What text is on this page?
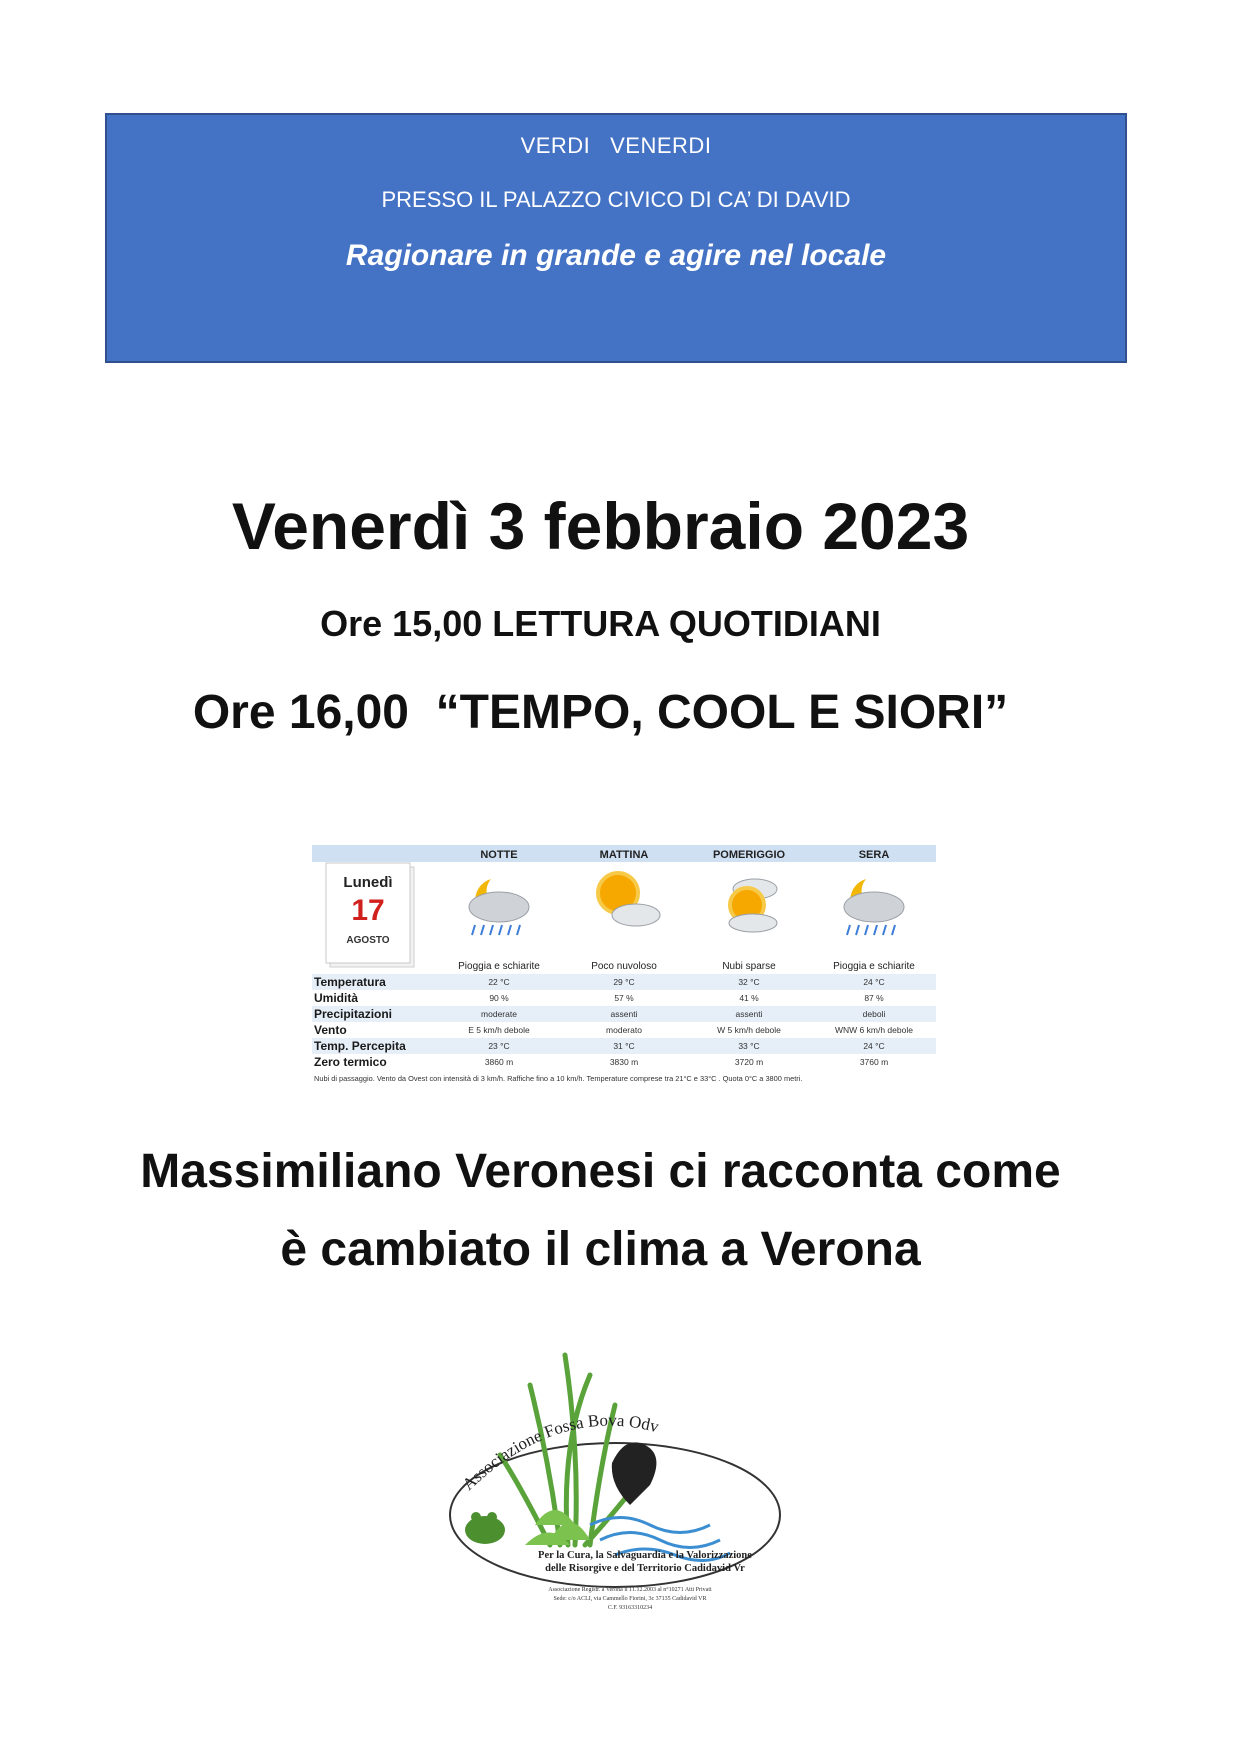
VERDI   VENERDI
PRESSO IL PALAZZO CIVICO DI CA’ DI DAVID
Ragionare in grande e agire nel locale
Venerdì 3 febbraio 2023
Ore 15,00 LETTURA QUOTIDIANI
Ore 16,00  “TEMPO, COOL E SIORI”
Lunedì
17
AGOSTO
NOTTE	MATTINA	POMERIGGIO	SERA
Pioggia e schiarite	Poco nuvoloso	Nubi sparse	Pioggia e schiarite
Temperatura	22 °C	29 °C	32 °C	24 °C
Umidità	90 %	57 %	41 %	87 %
Precipitazioni	moderate	assenti	assenti	deboli
Vento	E 5 km/h debole	moderato	W 5 km/h debole	WNW 6 km/h debole
Temp. Percepita	23 °C	31 °C	33 °C	24 °C
Zero termico	3860 m	3830 m	3720 m	3760 m
Nubi di passaggio. Vento da Ovest con intensità di 3 km/h. Raffiche fino a 10 km/h. Temperature comprese tra 21°C e 33°C . Quota 0°C a 3800 metri.
Massimiliano Veronesi ci racconta come
è cambiato il clima a Verona
Associazione Fossa Bova Odv
Per la Cura, la Salvaguardia e la Valorizzazione
delle Risorgive e del Territorio Cadidavid Vr
Associazione Registr. a Verona il 11.12.2003 al n°10271 Atti Privati
Sede: c/o ACLI, via Cammello Fiorini, 3c 37135 Cadidavid VR
C.F. 93163310234
